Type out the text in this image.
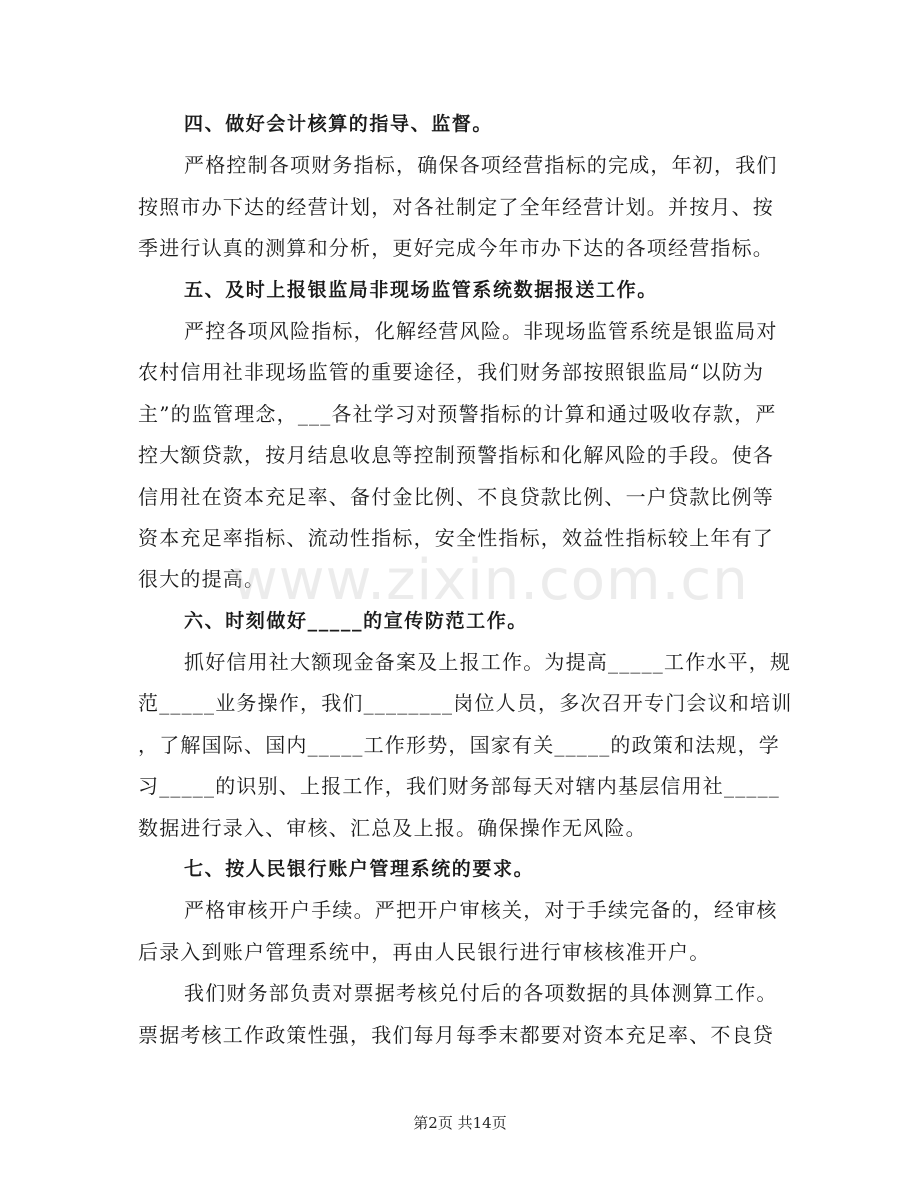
四、做好会计核算的指导、监督。
严格控制各项财务指标，确保各项经营指标的完成，年初，我们
按照市办下达的经营计划，对各社制定了全年经营计划。并按月、按
季进行认真的测算和分析，更好完成今年市办下达的各项经营指标。
五、及时上报银监局非现场监管系统数据报送工作。
严控各项风险指标，化解经营风险。非现场监管系统是银监局对
农村信用社非现场监管的重要途径，我们财务部按照银监局“以防为
主”的监管理念，___各社学习对预警指标的计算和通过吸收存款，严
控大额贷款，按月结息收息等控制预警指标和化解风险的手段。使各
信用社在资本充足率、备付金比例、不良贷款比例、一户贷款比例等
资本充足率指标、流动性指标，安全性指标，效益性指标较上年有了
很大的提高。
六、时刻做好_____的宣传防范工作。
抓好信用社大额现金备案及上报工作。为提高_____工作水平，规
范_____业务操作，我们________岗位人员，多次召开专门会议和培训
，了解国际、国内_____工作形势，国家有关_____的政策和法规，学
习_____的识别、上报工作，我们财务部每天对辖内基层信用社_____
数据进行录入、审核、汇总及上报。确保操作无风险。
七、按人民银行账户管理系统的要求。
严格审核开户手续。严把开户审核关，对于手续完备的，经审核
后录入到账户管理系统中，再由人民银行进行审核核准开户。
我们财务部负责对票据考核兑付后的各项数据的具体测算工作。
票据考核工作政策性强，我们每月每季末都要对资本充足率、不良贷
www.zixin.com.cn
第2页 共14页
